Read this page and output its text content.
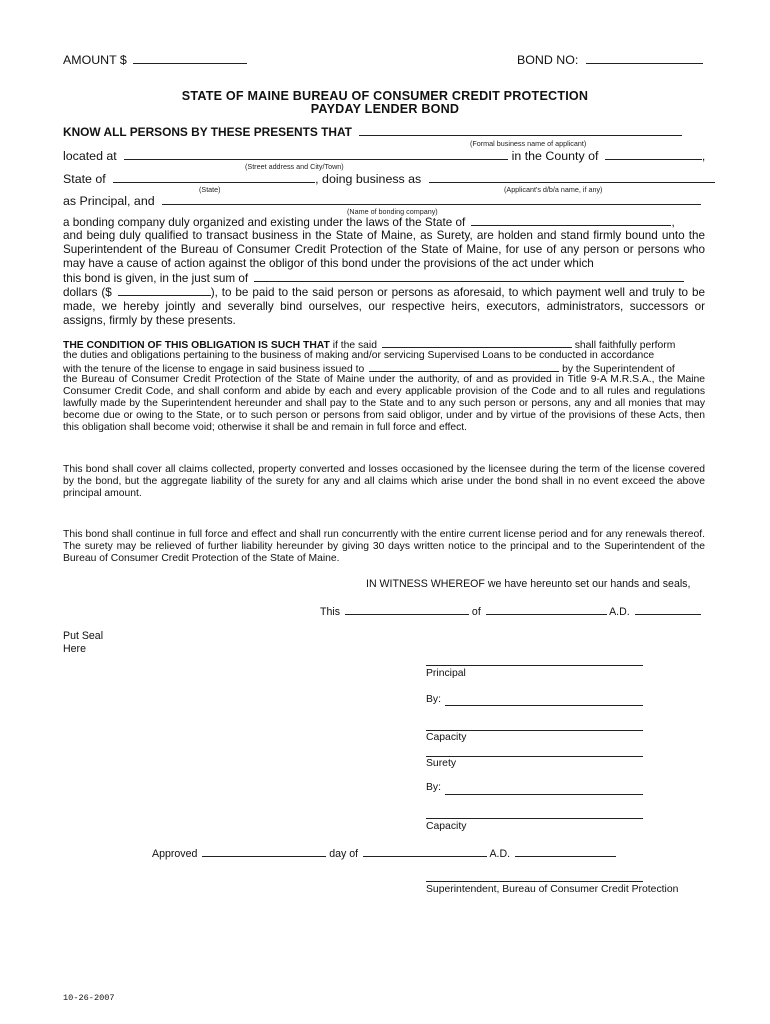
AMOUNT $	BOND NO:
STATE OF MAINE BUREAU OF CONSUMER CREDIT PROTECTION
PAYDAY LENDER BOND
KNOW ALL PERSONS BY THESE PRESENTS THAT
(Formal business name of applicant)
located at	in the County of	,
(Street address and City/Town)
State of	, doing business as
(State)	(Applicant's d/b/a name, if any)
as Principal, and
(Name of bonding company)
a bonding company duly organized and existing under the laws of the State of	,
and being duly qualified to transact business in the State of Maine, as Surety, are holden and stand firmly bound unto the Superintendent of the Bureau of Consumer Credit Protection of the State of Maine, for use of any person or persons who may have a cause of action against the obligor of this bond under the provisions of the act under which
this bond is given, in the just sum of
dollars ($	), to be paid to the said person or persons as aforesaid, to which payment well and truly to be made, we hereby jointly and severally bind ourselves, our respective heirs, executors, administrators, successors or assigns, firmly by these presents.
THE CONDITION OF THIS OBLIGATION IS SUCH THAT if the said	shall faithfully perform
the duties and obligations pertaining to the business of making and/or servicing Supervised Loans to be conducted in accordance
with the tenure of the license to engage in said business issued to	by the Superintendent of
the Bureau of Consumer Credit Protection of the State of Maine under the authority, of and as provided in Title 9-A M.R.S.A., the Maine Consumer Credit Code, and shall conform and abide by each and every applicable provision of the Code and to all rules and regulations lawfully made by the Superintendent hereunder and shall pay to the State and to any such person or persons, any and all monies that may become due or owing to the State, or to such person or persons from said obligor, under and by virtue of the provisions of these Acts, then this obligation shall become void; otherwise it shall be and remain in full force and effect.
This bond shall cover all claims collected, property converted and losses occasioned by the licensee during the term of the license covered by the bond, but the aggregate liability of the surety for any and all claims which arise under the bond shall in no event exceed the above principal amount.
This bond shall continue in full force and effect and shall run concurrently with the entire current license period and for any renewals thereof. The surety may be relieved of further liability hereunder by giving 30 days written notice to the principal and to the Superintendent of the Bureau of Consumer Credit Protection of the State of Maine.
IN WITNESS WHEREOF we have hereunto set our hands and seals,
This	of	A.D.
Put Seal
Here
Principal
By:
Capacity
Surety
By:
Capacity
Approved	day of	A.D.
Superintendent, Bureau of Consumer Credit Protection
10-26-2007
